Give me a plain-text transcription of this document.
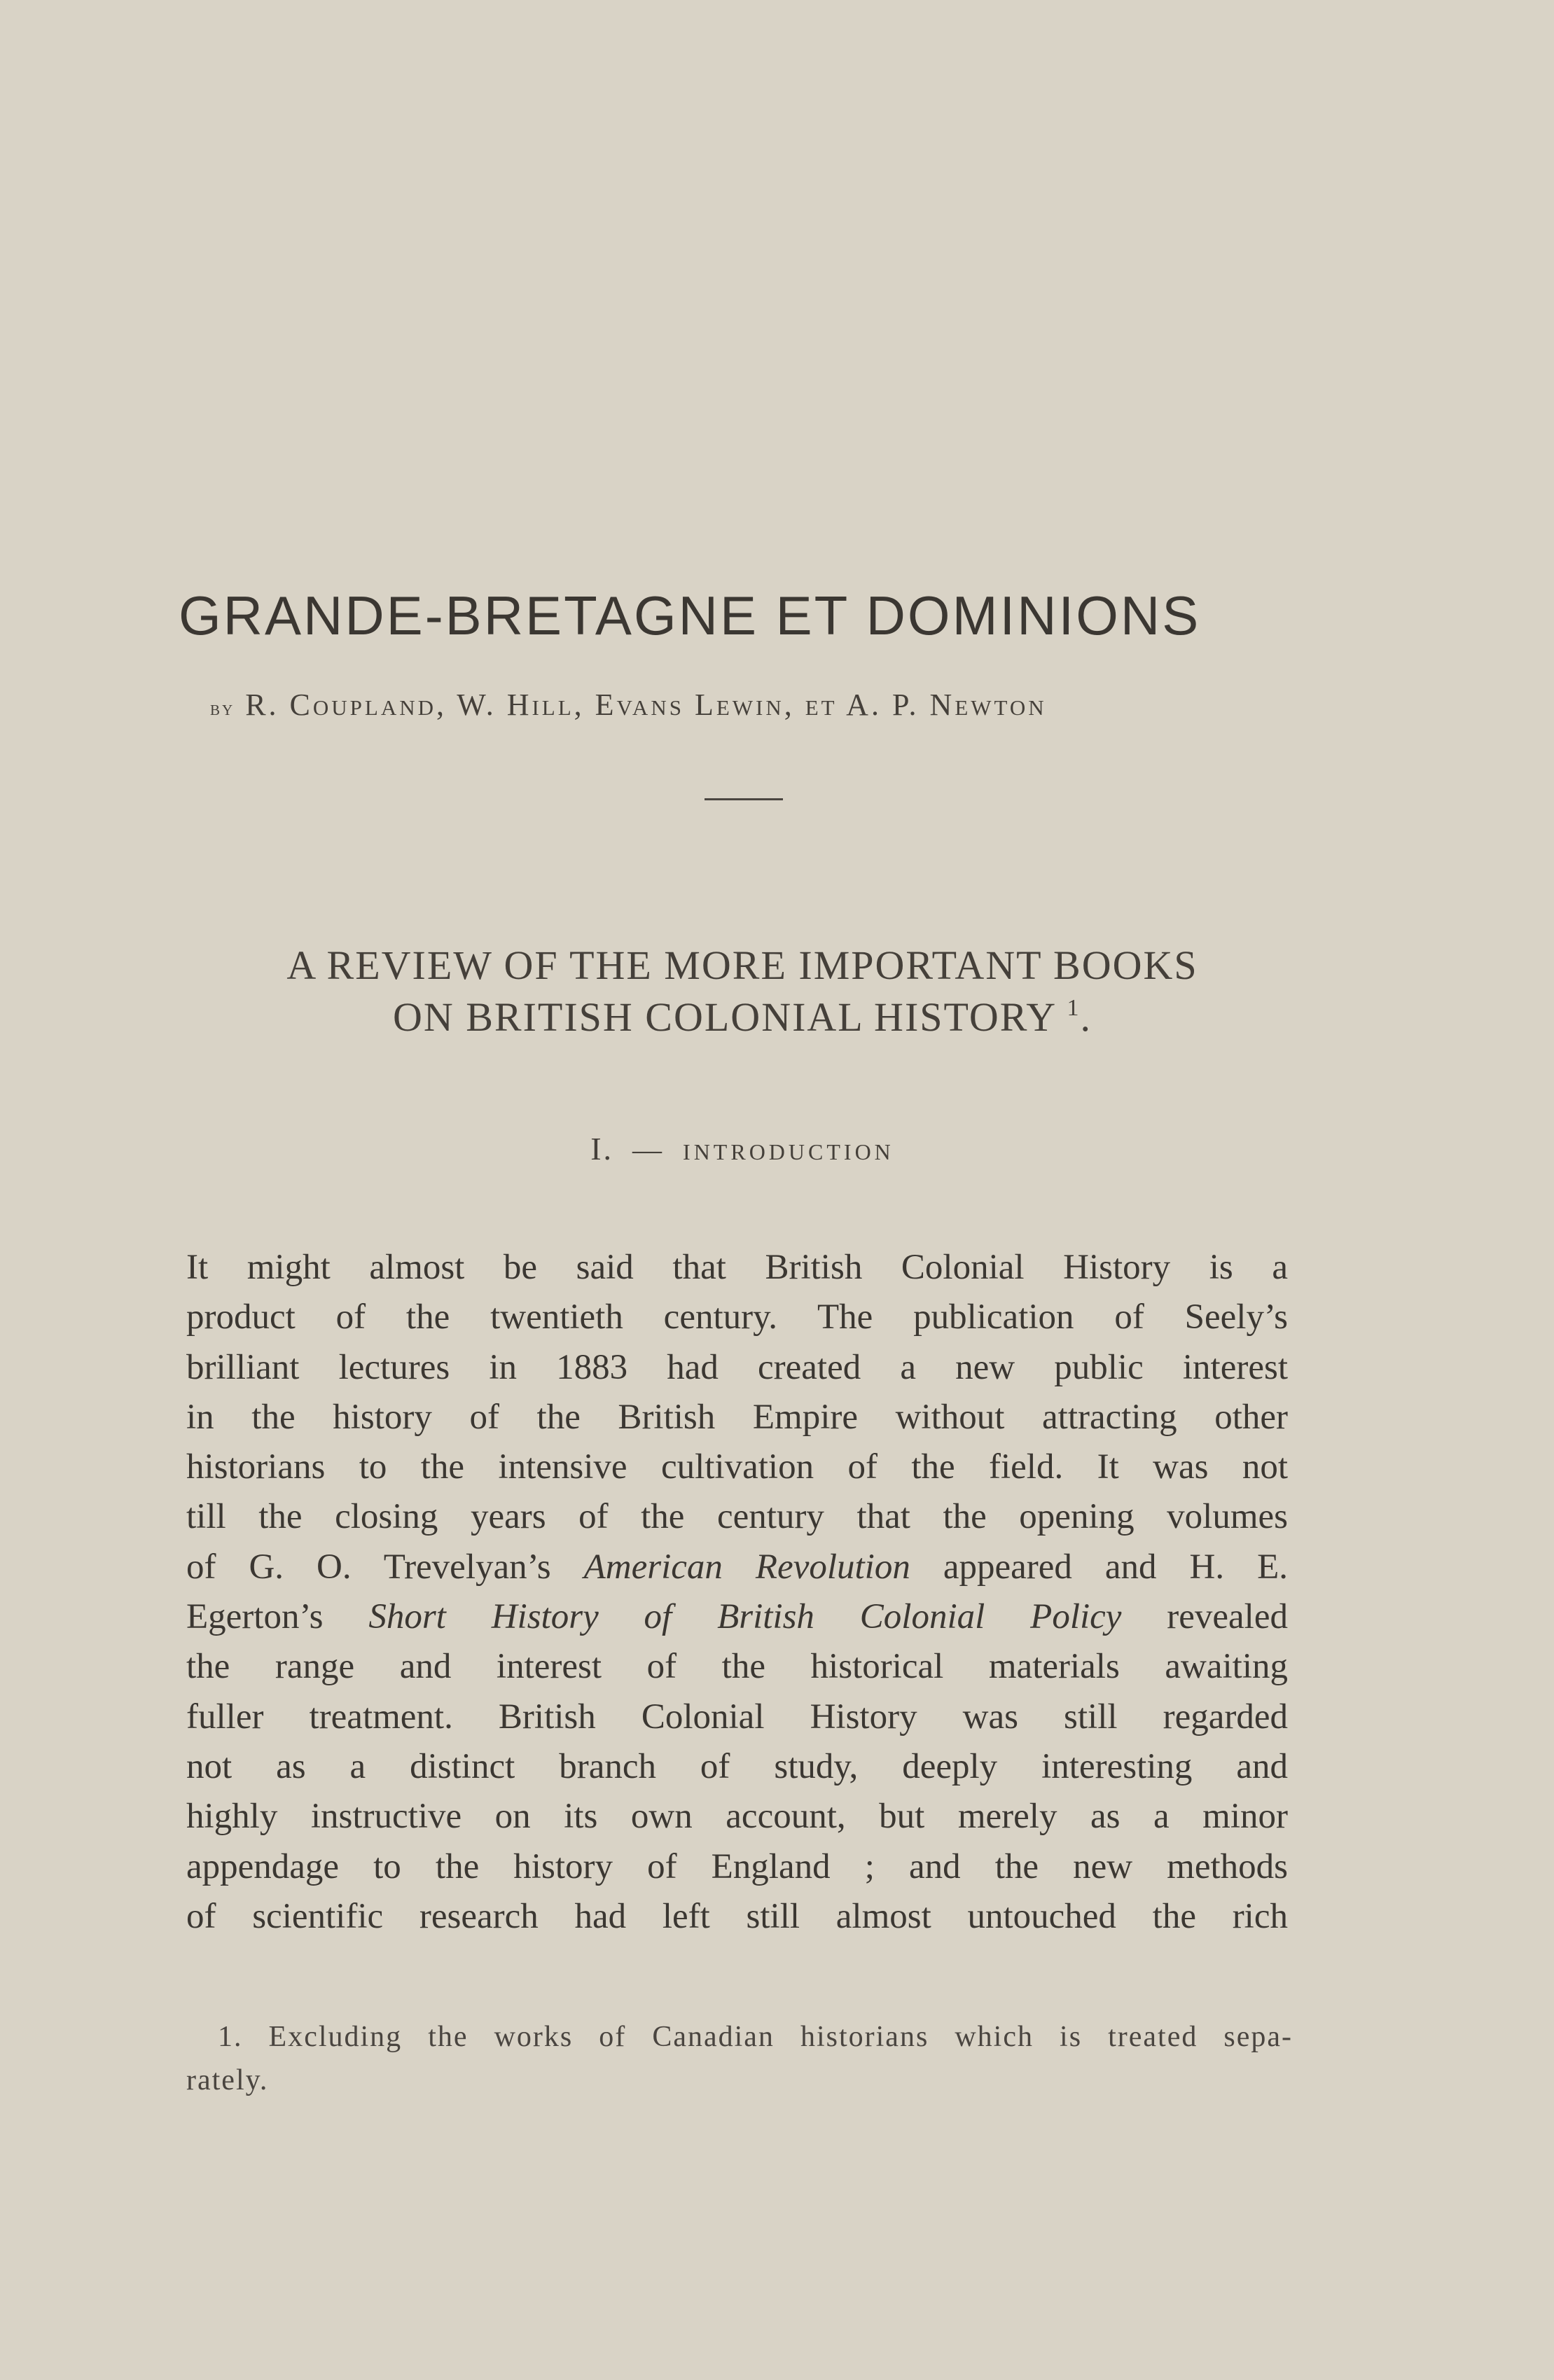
GRANDE-BRETAGNE ET DOMINIONS
by R. Coupland, W. Hill, Evans Lewin, et A. P. Newton
A REVIEW OF THE MORE IMPORTANT BOOKS
ON BRITISH COLONIAL HISTORY $^1$.
I. — INTRODUCTION
It might almost be said that British Colonial History is a
product of the twentieth century. The publication of Seely’s
brilliant lectures in 1883 had created a new public interest
in the history of the British Empire without attracting other
historians to the intensive cultivation of the field. It was not
till the closing years of the century that the opening volumes
of G. O. Trevelyan’s American Revolution appeared and H. E.
Egerton’s Short History of British Colonial Policy revealed
the range and interest of the historical materials awaiting
fuller treatment. British Colonial History was still regarded
not as a distinct branch of study, deeply interesting and
highly instructive on its own account, but merely as a minor
appendage to the history of England ; and the new methods
of scientific research had left still almost untouched the rich
1. Excluding the works of Canadian historians which is treated sepa-
rately.
